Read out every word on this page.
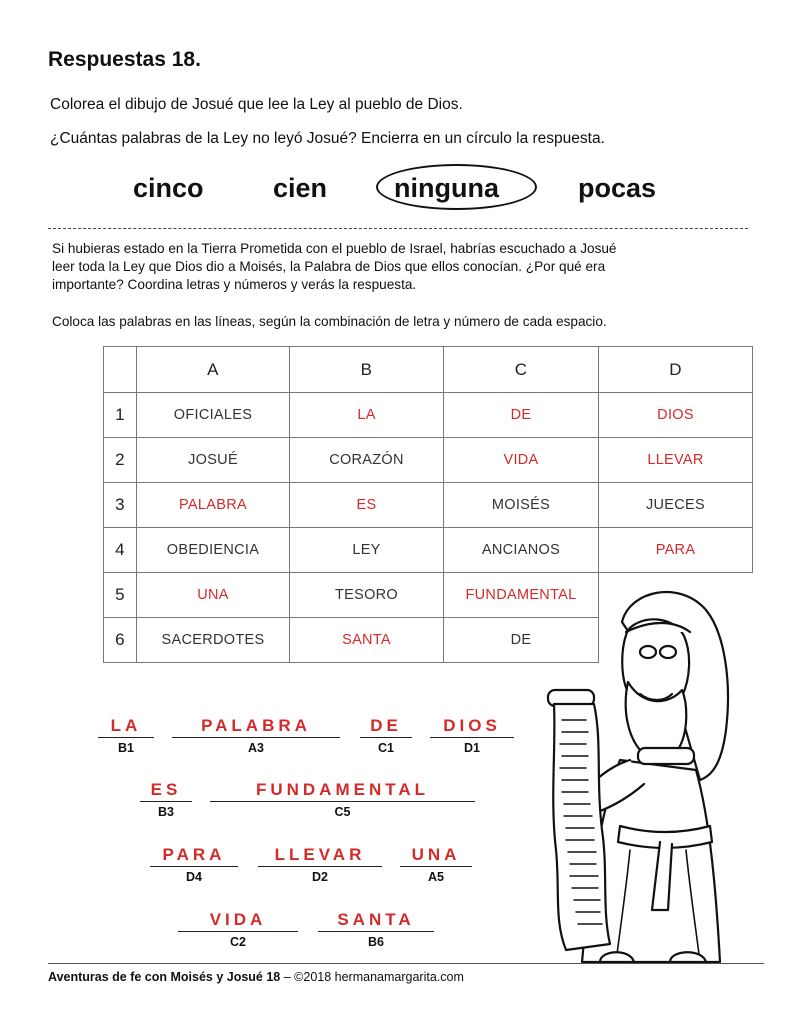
Respuestas 18.
Colorea el dibujo de Josué que lee la Ley al pueblo de Dios.
¿Cuántas palabras de la Ley no leyó Josué? Encierra en un círculo la respuesta.
cinco	cien ninguna	pocas
Si hubieras estado en la Tierra Prometida con el pueblo de Israel, habrías escuchado a Josué
leer toda la Ley que Dios dio a Moisés, la Palabra de Dios que ellos conocían. ¿Por qué era
importante? Coordina letras y números y verás la respuesta.
Coloca las palabras en las líneas, según la combinación de letra y número de cada espacio.
	A	B	C	D
1	OFICIALES	LA	DE	DIOS
2	JOSUÉ	CORAZÓN	VIDA	LLEVAR
3	PALABRA	ES	MOISÉS	JUECES
4	OBEDIENCIA	LEY	ANCIANOS	PARA
5	UNA	TESORO	FUNDAMENTAL	
6	SACERDOTES	SANTA	DE	
LA
B1
PALABRA
A3
DE
C1
DIOS
D1
ES
B3
FUNDAMENTAL
C5
PARA
D4
LLEVAR
D2
UNA
A5
VIDA
C2
SANTA
B6
Aventuras de fe con Moisés y Josué 18 – ©2018 hermanamargarita.com
